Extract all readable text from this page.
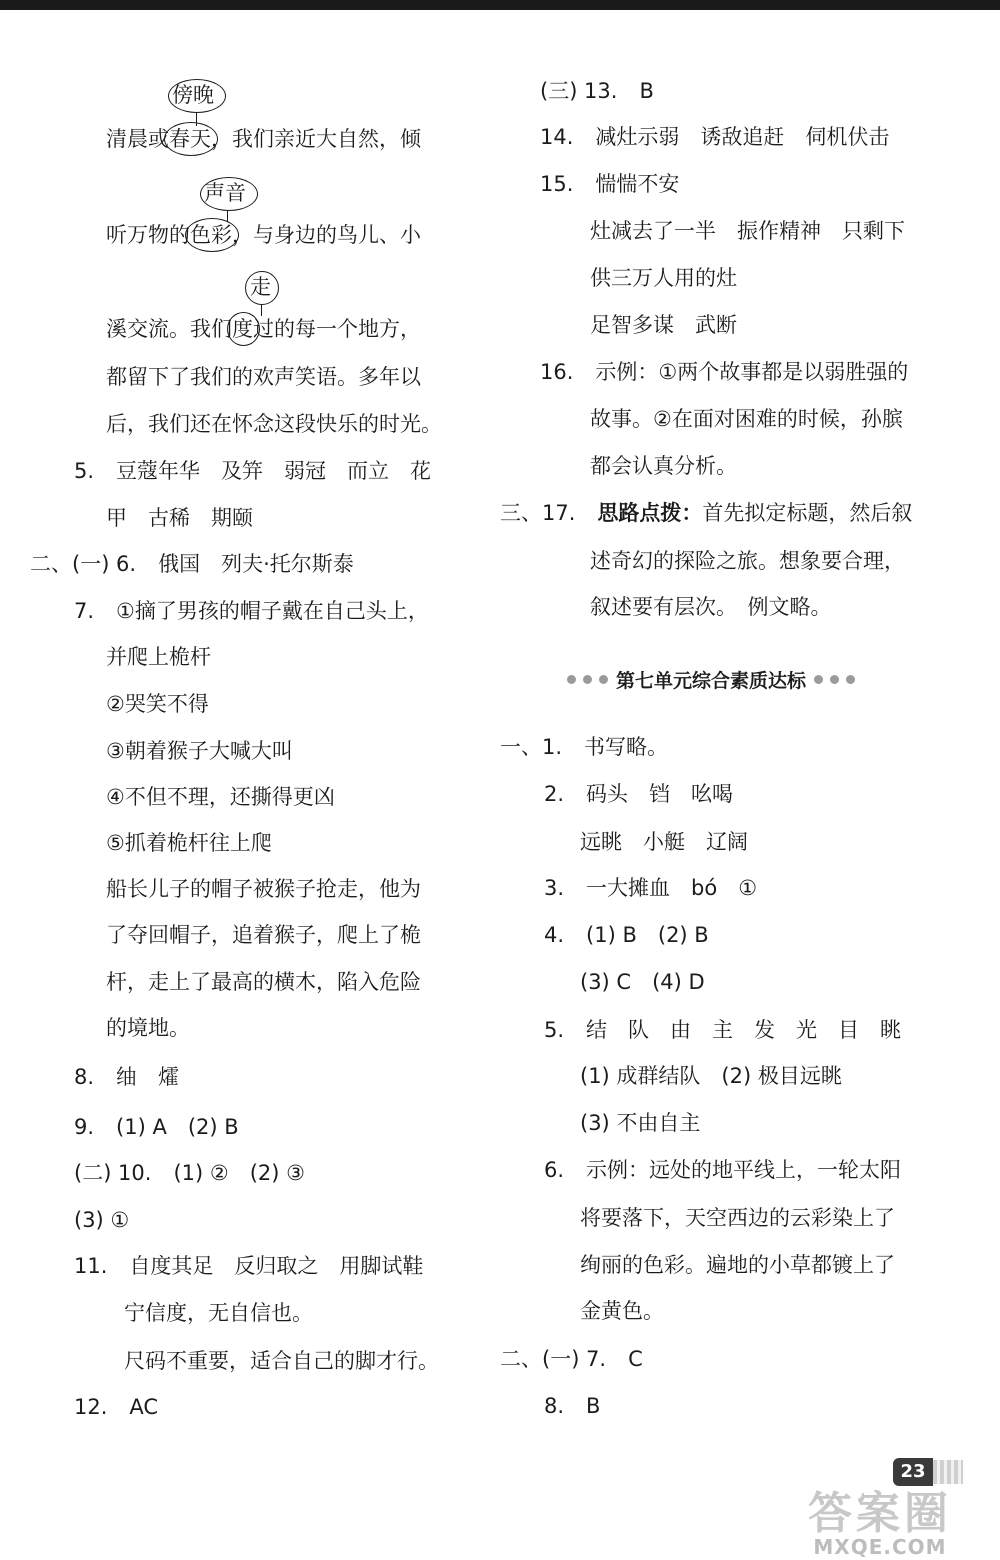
傍晚
清晨或春天
，我们亲近大自然，倾
声音
听万物的色彩
，与身边的鸟儿、小
走
溪交流。我们度
过的每一个地方，
都留下了我们的欢声笑语。多年以
后，我们还在怀念这段快乐的时光。
5. 豆蔻年华　及笄　弱冠　而立　花
甲　古稀　期颐
二、(一) 6. 俄国　列夫·托尔斯泰
7. ①摘了男孩的帽子戴在自己头上，
并爬上桅杆
②哭笑不得
③朝着猴子大喊大叫
④不但不理，还撕得更凶
⑤抓着桅杆往上爬
船长儿子的帽子被猴子抢走，他为
了夺回帽子，追着猴子，爬上了桅
杆，走上了最高的横木，陷入危险
的境地。
8. 䌷　㸌
9. (1) A　(2) B
(二) 10. (1) ②　(2) ③
(3) ①
11. 自度其足　反归取之　用脚试鞋
宁信度，无自信也。
尺码不重要，适合自己的脚才行。
12. AC
(三) 13. B
14. 减灶示弱　诱敌追赶　伺机伏击
15. 惴惴不安
灶减去了一半　振作精神　只剩下
供三万人用的灶
足智多谋　武断
16. 示例：①两个故事都是以弱胜强的
故事。②在面对困难的时候，孙膑
都会认真分析。
三、17. 思路点拨：首先拟定标题，然后叙
述奇幻的探险之旅。想象要合理，
叙述要有层次。　例文略。
第七单元综合素质达标
一、1. 书写略。
2. 码头　铛　吆喝
远眺　小艇　辽阔
3. 一大摊血　bó　①
4. (1) B　(2) B
(3) C　(4) D
5. 结　队　由　主　发　光　目　眺
(1) 成群结队　(2) 极目远眺
(3) 不由自主
6. 示例：远处的地平线上，一轮太阳
将要落下，天空西边的云彩染上了
绚丽的色彩。遍地的小草都镀上了
金黄色。
二、(一) 7. C
8. B
23
答案圈
MXQE.COM
